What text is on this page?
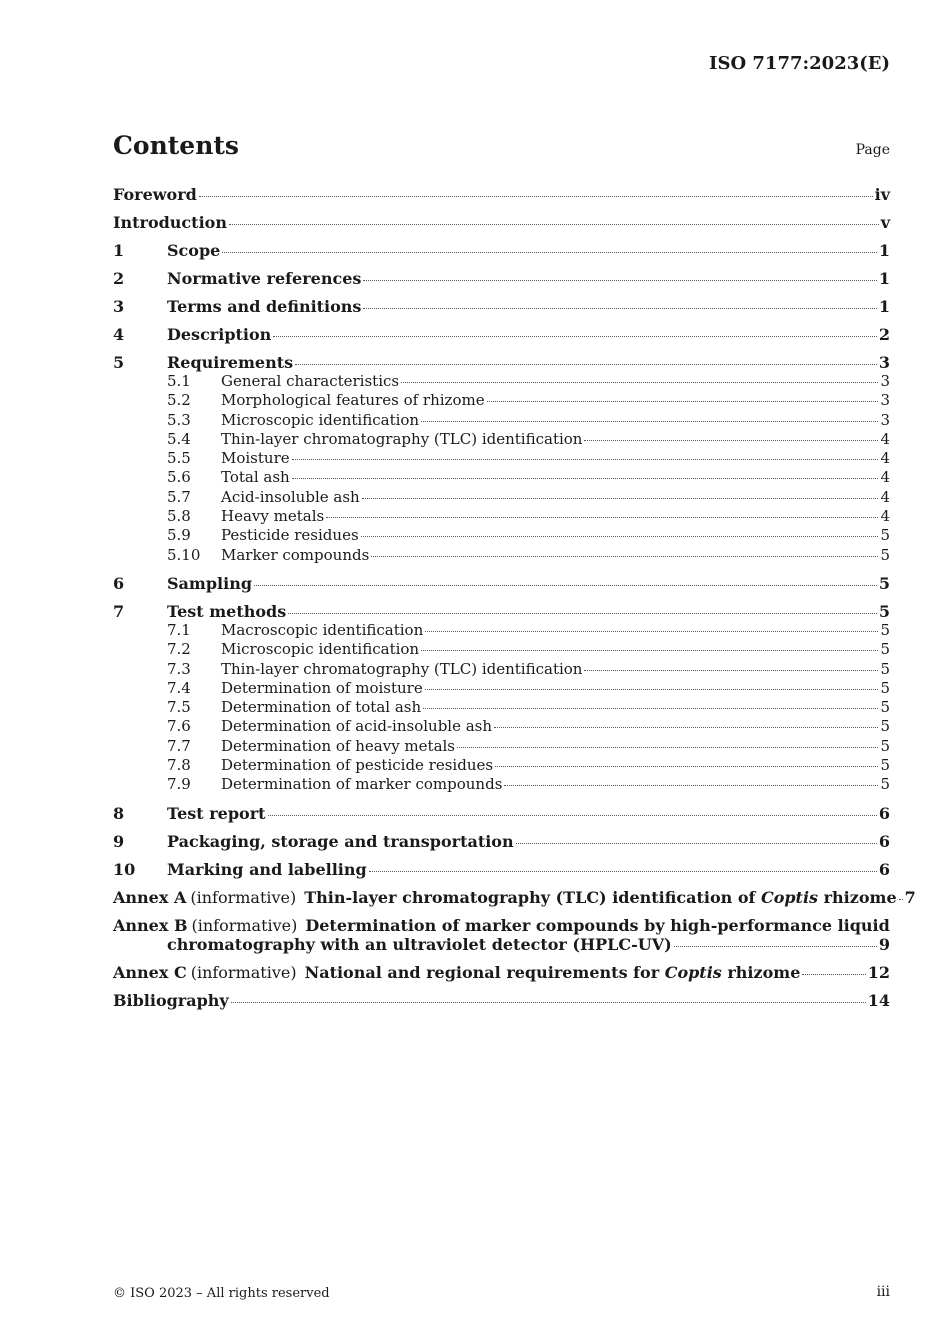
ISO 7177:2023(E)
Contents	Page
Foreword	iv
Introduction	v
1	Scope	1
2	Normative references	1
3	Terms and definitions	1
4	Description	2
5	Requirements	3
5.1	General characteristics	3
5.2	Morphological features of rhizome	3
5.3	Microscopic identification	3
5.4	Thin-layer chromatography (TLC) identification	4
5.5	Moisture	4
5.6	Total ash	4
5.7	Acid-insoluble ash	4
5.8	Heavy metals	4
5.9	Pesticide residues	5
5.10	Marker compounds	5
6	Sampling	5
7	Test methods	5
7.1	Macroscopic identification	5
7.2	Microscopic identification	5
7.3	Thin-layer chromatography (TLC) identification	5
7.4	Determination of moisture	5
7.5	Determination of total ash	5
7.6	Determination of acid-insoluble ash	5
7.7	Determination of heavy metals	5
7.8	Determination of pesticide residues	5
7.9	Determination of marker compounds	5
8	Test report	6
9	Packaging, storage and transportation	6
10	Marking and labelling	6
Annex A (informative) Thin-layer chromatography (TLC) identification of Coptis rhizome 7
Annex B (informative) Determination of marker compounds by high-performance liquid
chromatography with an ultraviolet detector (HPLC-UV)	9
Annex C (informative) National and regional requirements for Coptis rhizome	12
Bibliography	14
© ISO 2023 – All rights reserved	iii
